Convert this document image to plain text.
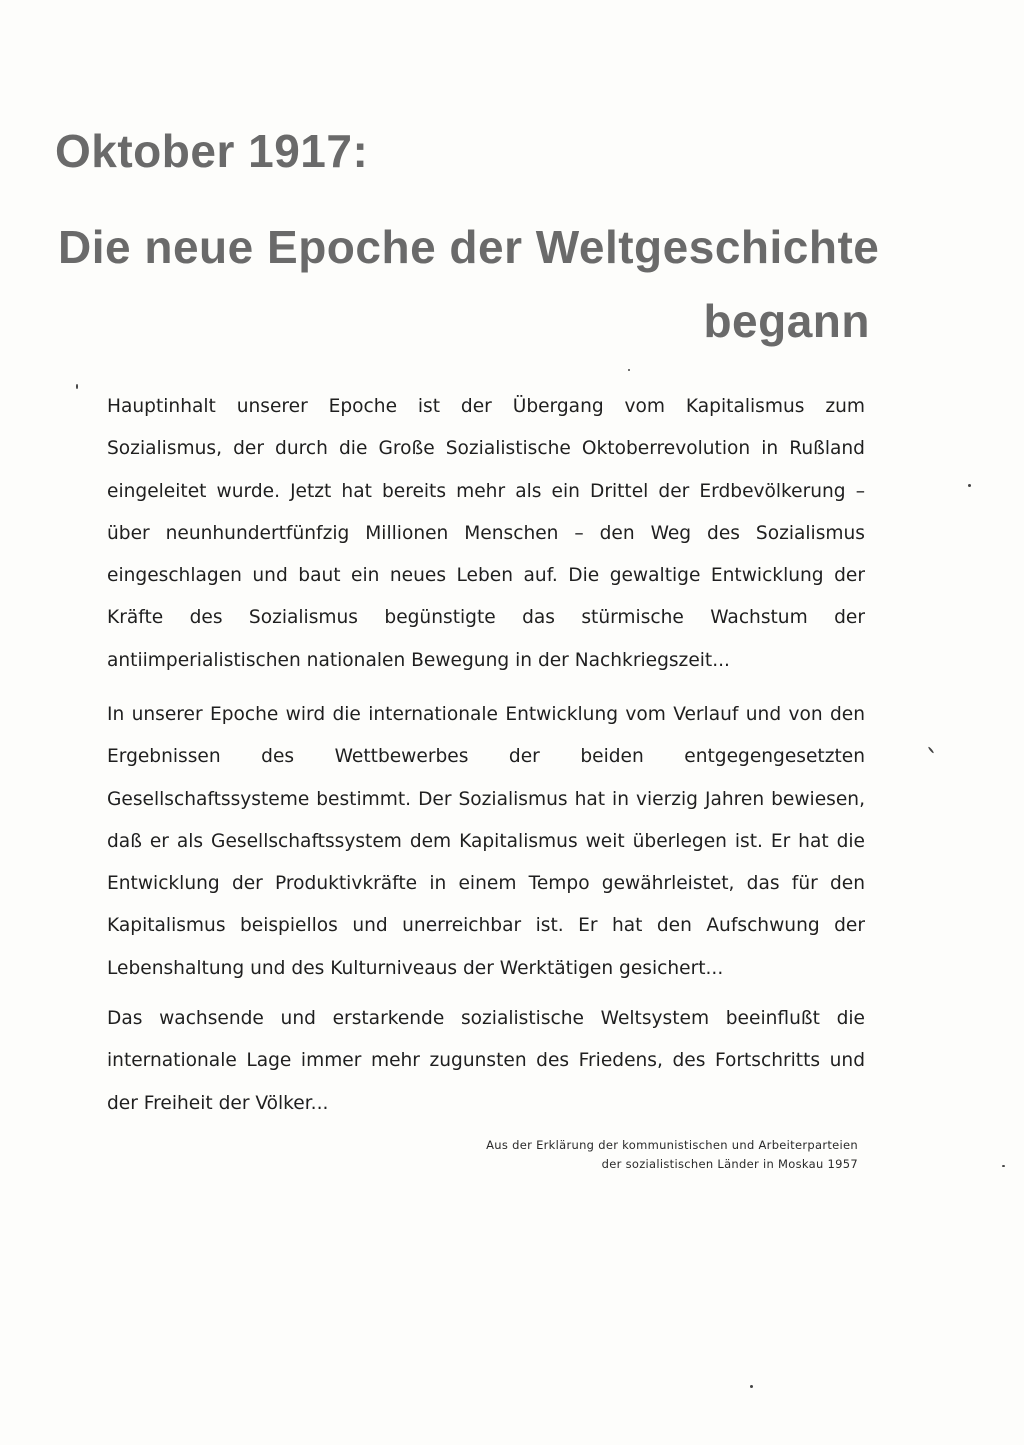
Oktober 1917:
Die neue Epoche der Weltgeschichte
begann

Hauptinhalt unserer Epoche ist der Übergang vom Kapitalismus zum Sozialismus, der durch die Große Sozialistische Oktoberrevolution in Rußland eingeleitet wurde. Jetzt hat bereits mehr als ein Drittel der Erdbevölkerung – über neunhundertfünfzig Millionen Menschen – den Weg des Sozialismus eingeschlagen und baut ein neues Leben auf. Die gewaltige Entwicklung der Kräfte des Sozialismus begünstigte das stürmische Wachstum der antiimperialistischen nationalen Bewegung in der Nachkriegszeit...

In unserer Epoche wird die internationale Entwicklung vom Verlauf und von den Ergebnissen des Wettbewerbes der beiden entgegengesetzten Gesellschaftssysteme bestimmt. Der Sozialismus hat in vierzig Jahren bewiesen, daß er als Gesellschaftssystem dem Kapitalismus weit überlegen ist. Er hat die Entwicklung der Produktivkräfte in einem Tempo gewährleistet, das für den Kapitalismus beispiellos und unerreichbar ist. Er hat den Aufschwung der Lebenshaltung und des Kulturniveaus der Werktätigen gesichert...

Das wachsende und erstarkende sozialistische Weltsystem beeinflußt die internationale Lage immer mehr zugunsten des Friedens, des Fortschritts und der Freiheit der Völker...

Aus der Erklärung der kommunistischen und Arbeiterparteien
der sozialistischen Länder in Moskau 1957
